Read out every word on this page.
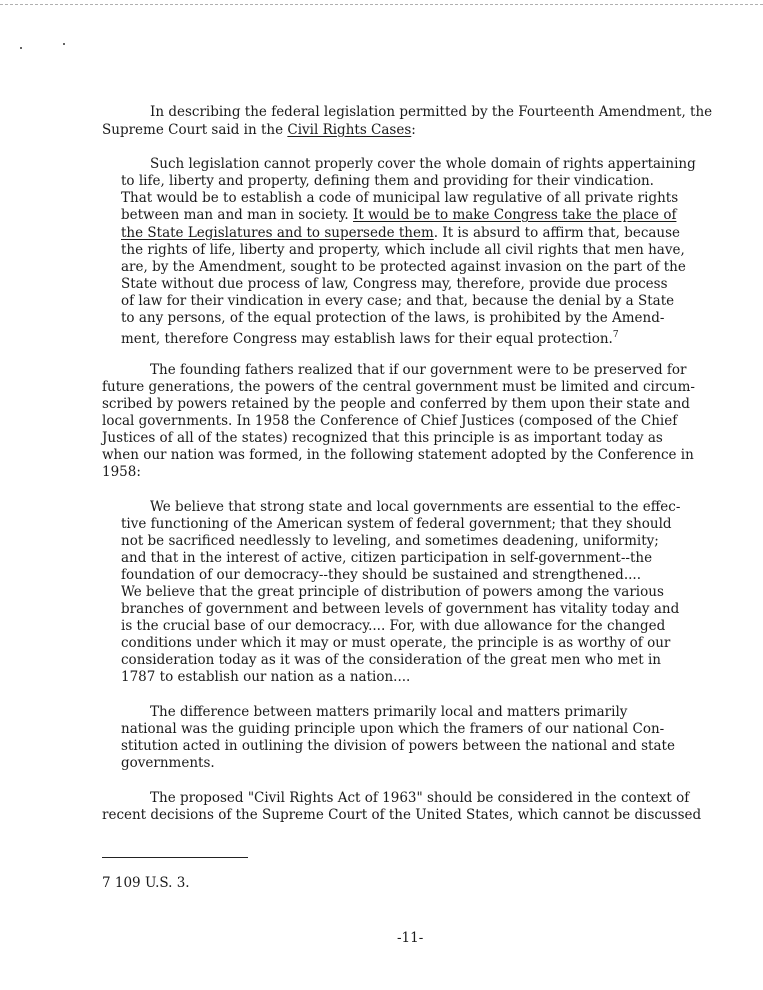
In describing the federal legislation permitted by the Fourteenth Amendment, the
Supreme Court said in the Civil Rights Cases:
Such legislation cannot properly cover the whole domain of rights appertaining
to life, liberty and property, defining them and providing for their vindication.
That would be to establish a code of municipal law regulative of all private rights
between man and man in society. It would be to make Congress take the place of
the State Legislatures and to supersede them. It is absurd to affirm that, because
the rights of life, liberty and property, which include all civil rights that men have,
are, by the Amendment, sought to be protected against invasion on the part of the
State without due process of law, Congress may, therefore, provide due process
of law for their vindication in every case; and that, because the denial by a State
to any persons, of the equal protection of the laws, is prohibited by the Amend-
ment, therefore Congress may establish laws for their equal protection.$^7$
The founding fathers realized that if our government were to be preserved for
future generations, the powers of the central government must be limited and circum-
scribed by powers retained by the people and conferred by them upon their state and
local governments. In 1958 the Conference of Chief Justices (composed of the Chief
Justices of all of the states) recognized that this principle is as important today as
when our nation was formed, in the following statement adopted by the Conference in
1958:
We believe that strong state and local governments are essential to the effec-
tive functioning of the American system of federal government; that they should
not be sacrificed needlessly to leveling, and sometimes deadening, uniformity;
and that in the interest of active, citizen participation in self-government--the
foundation of our democracy--they should be sustained and strengthened....
We believe that the great principle of distribution of powers among the various
branches of government and between levels of government has vitality today and
is the crucial base of our democracy.... For, with due allowance for the changed
conditions under which it may or must operate, the principle is as worthy of our
consideration today as it was of the consideration of the great men who met in
1787 to establish our nation as a nation....
The difference between matters primarily local and matters primarily
national was the guiding principle upon which the framers of our national Con-
stitution acted in outlining the division of powers between the national and state
governments.
The proposed "Civil Rights Act of 1963" should be considered in the context of
recent decisions of the Supreme Court of the United States, which cannot be discussed
7 109 U.S. 3.
-11-
